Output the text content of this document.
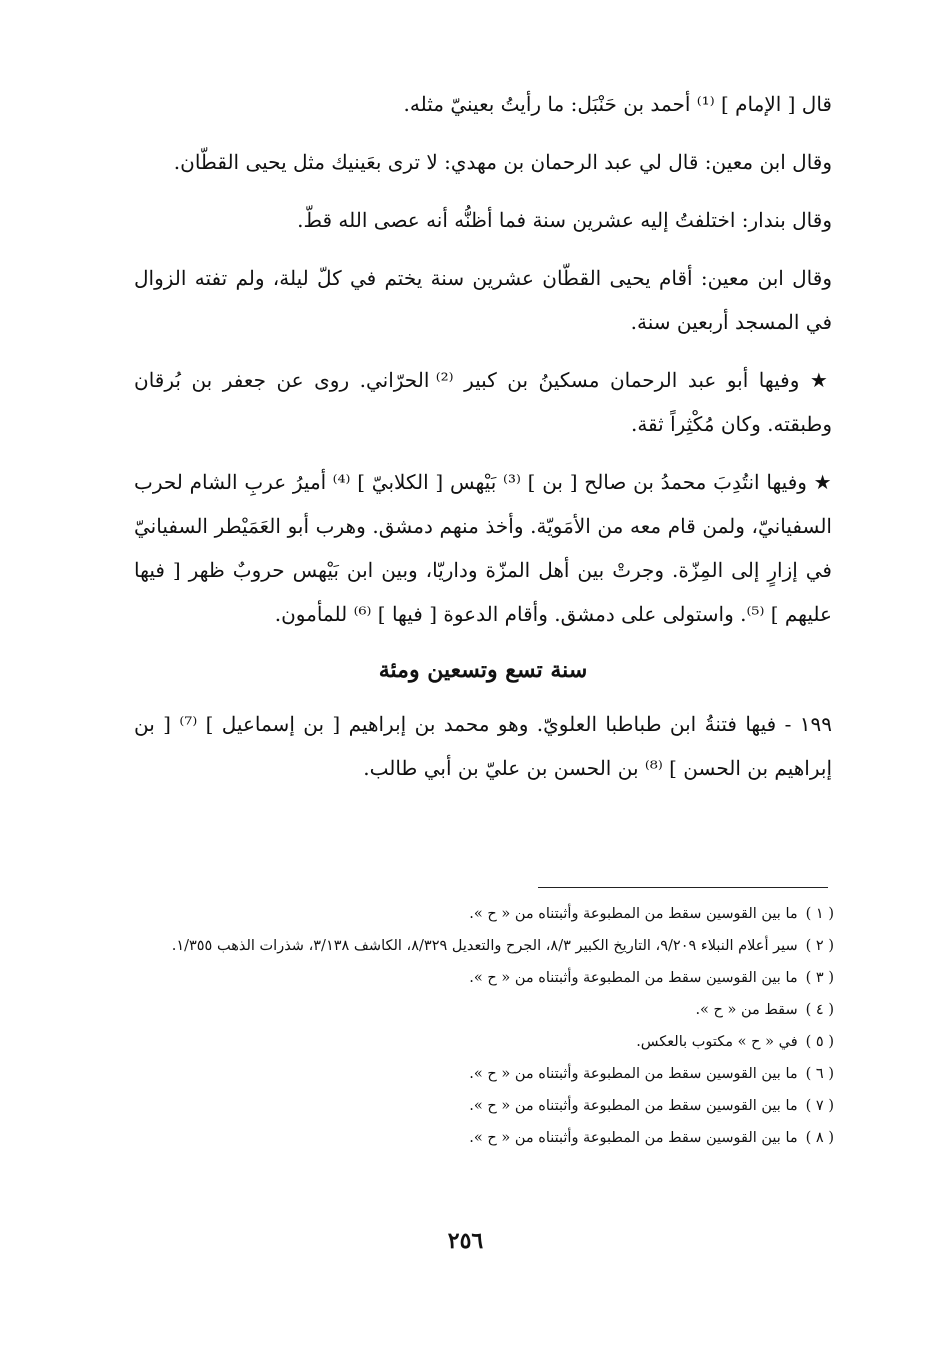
قال [ الإمام ] ⁽¹⁾ أحمد بن حَنْبَل: ما رأيتُ بعينيّ مثله.

وقال ابن معين: قال لي عبد الرحمان بن مهدي: لا ترى بعَينيك مثل يحيى القطّان.

وقال بندار: اختلفتُ إليه عشرين سنة فما أظنُّه أنه عصى الله قطّ.

وقال ابن معين: أقام يحيى القطّان عشرين سنة يختم في كلّ ليلة، ولم تفته الزوال في المسجد أربعين سنة.

★ وفيها أبو عبد الرحمان مسكينُ بن كبير ⁽²⁾ الحرّاني. روى عن جعفر بن بُرقان وطبقته. وكان مُكْثِراً ثقة.

★ وفيها انتُدِبَ محمدُ بن صالح [ بن ] ⁽³⁾ بَيْهس [ الكلابيّ ] ⁽⁴⁾ أميرُ عربِ الشام لحرب السفيانيّ، ولمن قام معه من الأمَويّة. وأخذ منهم دمشق. وهرب أبو العَمَيْطر السفيانيّ في إزارٍ إلى المِزّة. وجرتْ بين أهل المزّة وداريّا، وبين ابن بَيْهس حروبٌ ظهر [ فيها عليهم ] ⁽⁵⁾. واستولى على دمشق. وأقام الدعوة [ فيها ] ⁽⁶⁾ للمأمون.

سنة تسع وتسعين ومئة

١٩٩ - فيها فتنةُ ابن طباطبا العلويّ. وهو محمد بن إبراهيم [ بن إسماعيل ] ⁽⁷⁾ [ بن إبراهيم بن الحسن ] ⁽⁸⁾ بن الحسن بن عليّ بن أبي طالب.

( ١ )ما بين القوسين سقط من المطبوعة وأثبتناه من « ح ».

( ٢ )سير أعلام النبلاء ٩/٢٠٩، التاريخ الكبير ٨/٣، الجرح والتعديل ٨/٣٢٩، الكاشف ٣/١٣٨، شذرات الذهب ١/٣٥٥.

( ٣ )ما بين القوسين سقط من المطبوعة وأثبتناه من « ح ».

( ٤ )سقط من « ح ».

( ٥ )في « ح » مكتوب بالعكس.

( ٦ )ما بين القوسين سقط من المطبوعة وأثبتناه من « ح ».

( ٧ )ما بين القوسين سقط من المطبوعة وأثبتناه من « ح ».

( ٨ )ما بين القوسين سقط من المطبوعة وأثبتناه من « ح ».

٢٥٦
